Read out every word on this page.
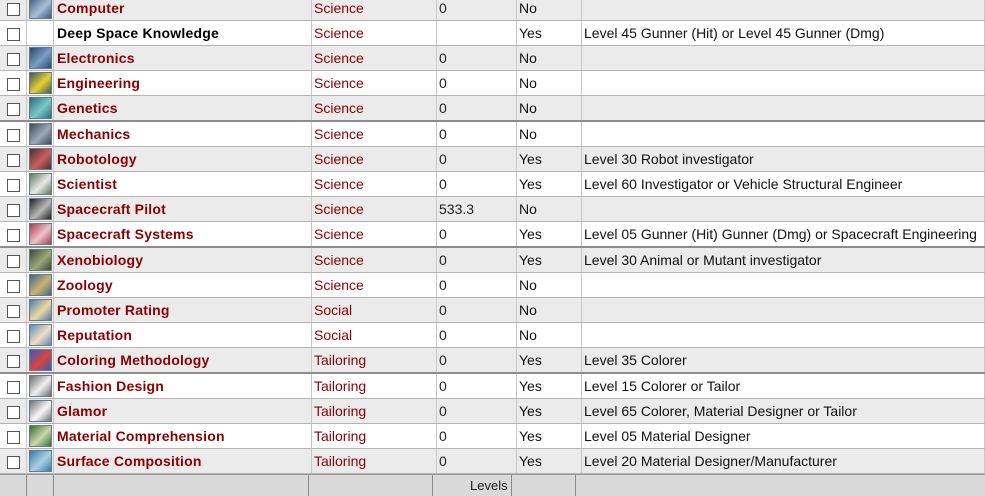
		Computer	Science	0	No	
		Deep Space Knowledge	Science		Yes	Level 45 Gunner (Hit) or Level 45 Gunner (Dmg)
		Electronics	Science	0	No	
		Engineering	Science	0	No	
		Genetics	Science	0	No	
		Mechanics	Science	0	No	
		Robotology	Science	0	Yes	Level 30 Robot investigator
		Scientist	Science	0	Yes	Level 60 Investigator or Vehicle Structural Engineer
		Spacecraft Pilot	Science	533.3	No	
		Spacecraft Systems	Science	0	Yes	Level 05 Gunner (Hit) Gunner (Dmg) or Spacecraft Engineering
		Xenobiology	Science	0	Yes	Level 30 Animal or Mutant investigator
		Zoology	Science	0	No	
		Promoter Rating	Social	0	No	
		Reputation	Social	0	No	
		Coloring Methodology	Tailoring	0	Yes	Level 35 Colorer
		Fashion Design	Tailoring	0	Yes	Level 15 Colorer or Tailor
		Glamor	Tailoring	0	Yes	Level 65 Colorer, Material Designer or Tailor
		Material Comprehension	Tailoring	0	Yes	Level 05 Material Designer
		Surface Composition	Tailoring	0	Yes	Level 20 Material Designer/Manufacturer
Levels
